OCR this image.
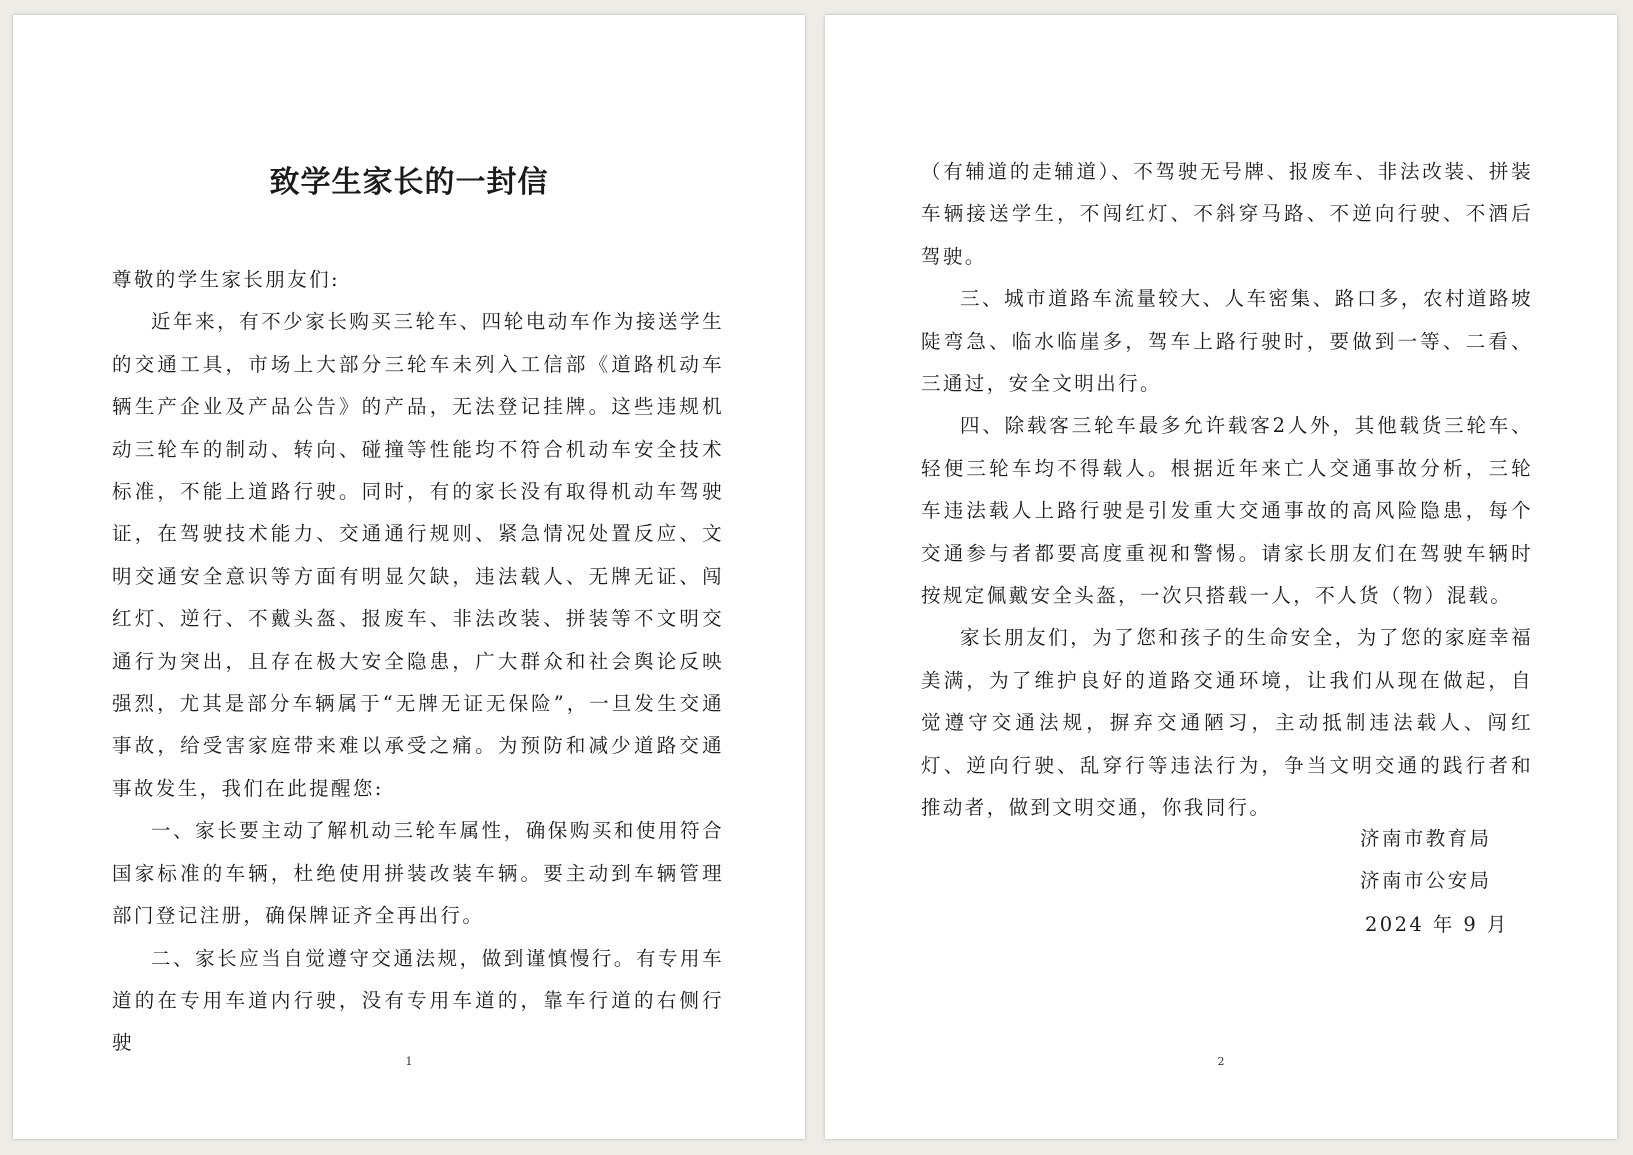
致学生家长的一封信

尊敬的学生家长朋友们:

近年来，有不少家长购买三轮车、四轮电动车作为接送学生的交通工具，市场上大部分三轮车未列入工信部《道路机动车辆生产企业及产品公告》的产品，无法登记挂牌。这些违规机动三轮车的制动、转向、碰撞等性能均不符合机动车安全技术标准，不能上道路行驶。同时，有的家长没有取得机动车驾驶证，在驾驶技术能力、交通通行规则、紧急情况处置反应、文明交通安全意识等方面有明显欠缺，违法载人、无牌无证、闯红灯、逆行、不戴头盔、报废车、非法改装、拼装等不文明交通行为突出，且存在极大安全隐患，广大群众和社会舆论反映强烈，尤其是部分车辆属于“无牌无证无保险”，一旦发生交通事故，给受害家庭带来难以承受之痛。为预防和减少道路交通事故发生，我们在此提醒您:

一、家长要主动了解机动三轮车属性，确保购买和使用符合国家标准的车辆，杜绝使用拼装改装车辆。要主动到车辆管理部门登记注册，确保牌证齐全再出行。

二、家长应当自觉遵守交通法规，做到谨慎慢行。有专用车道的在专用车道内行驶，没有专用车道的，靠车行道的右侧行驶

1

（有辅道的走辅道）、不驾驶无号牌、报废车、非法改装、拼装车辆接送学生，不闯红灯、不斜穿马路、不逆向行驶、不酒后驾驶。

三、城市道路车流量较大、人车密集、路口多，农村道路坡陡弯急、临水临崖多，驾车上路行驶时，要做到一等、二看、三通过，安全文明出行。

四、除载客三轮车最多允许载客2人外，其他载货三轮车、轻便三轮车均不得载人。根据近年来亡人交通事故分析，三轮车违法载人上路行驶是引发重大交通事故的高风险隐患，每个交通参与者都要高度重视和警惕。请家长朋友们在驾驶车辆时按规定佩戴安全头盔，一次只搭载一人，不人货（物）混载。

家长朋友们，为了您和孩子的生命安全，为了您的家庭幸福美满，为了维护良好的道路交通环境，让我们从现在做起，自觉遵守交通法规，摒弃交通陋习，主动抵制违法载人、闯红灯、逆向行驶、乱穿行等违法行为，争当文明交通的践行者和推动者，做到文明交通，你我同行。

济南市教育局

济南市公安局

2024 年 9 月

2
